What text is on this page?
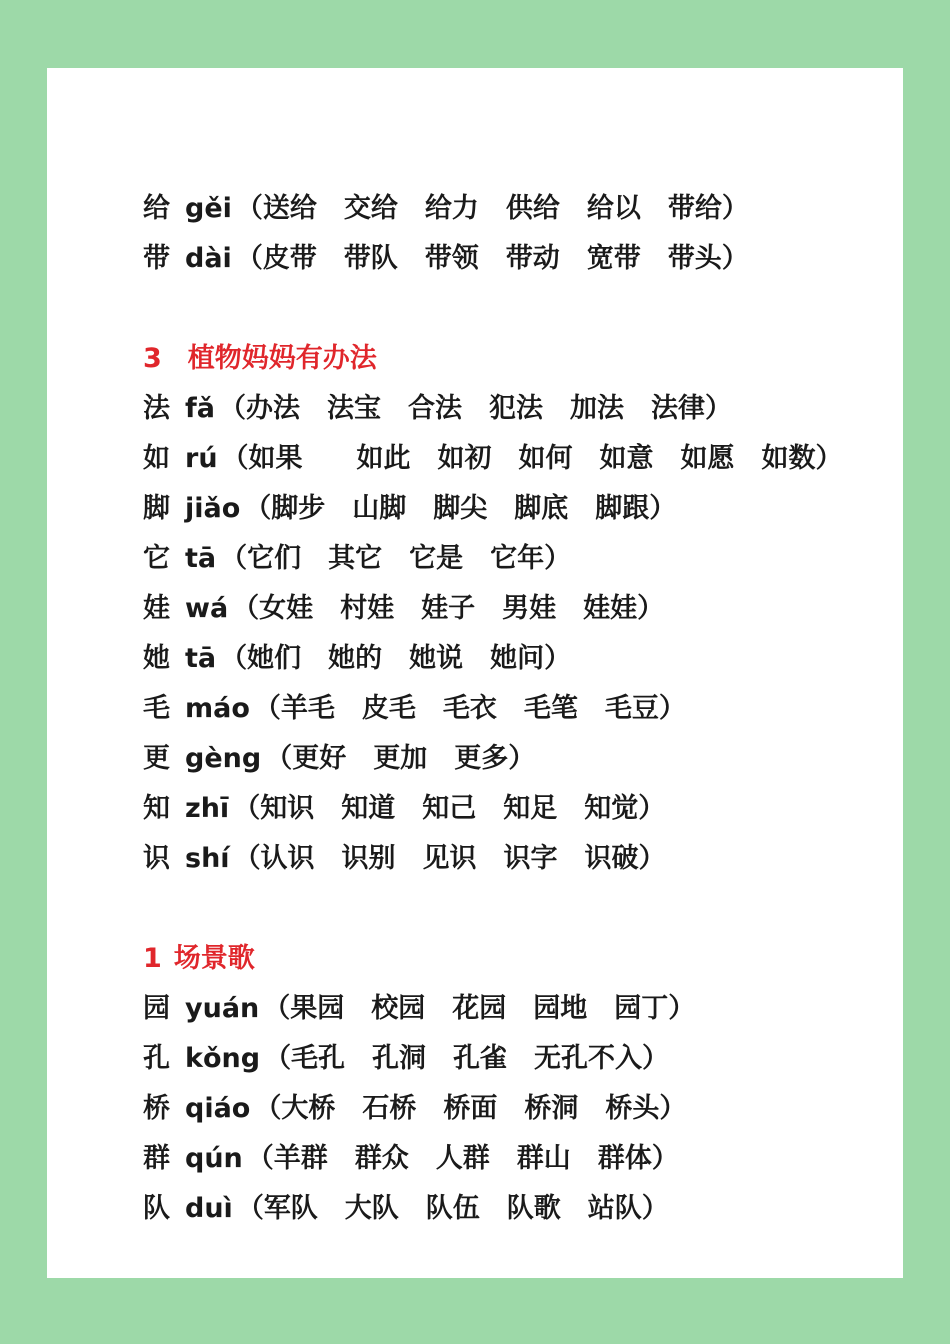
给 gěi （送给　交给　给力　供给　给以　带给）
带 dài （皮带　带队　带领　带动　宽带　带头）
3 植物妈妈有办法
法 fǎ （办法　法宝　合法　犯法　加法　法律）
如 rú （如果　　如此　如初　如何　如意　如愿　如数）
脚 jiǎo （脚步　山脚　脚尖　脚底　脚跟）
它 tā （它们　其它　它是　它年）
娃 wá （女娃　村娃　娃子　男娃　娃娃）
她 tā （她们　她的　她说　她问）
毛 máo （羊毛　皮毛　毛衣　毛笔　毛豆）
更 gèng （更好　更加　更多）
知 zhī （知识　知道　知己　知足　知觉）
识 shí （认识　识别　见识　识字　识破）
1 场景歌
园 yuán （果园　校园　花园　园地　园丁）
孔 kǒng （毛孔　孔洞　孔雀　无孔不入）
桥 qiáo （大桥　石桥　桥面　桥洞　桥头）
群 qún （羊群　群众　人群　群山　群体）
队 duì （军队　大队　队伍　队歌　站队）
